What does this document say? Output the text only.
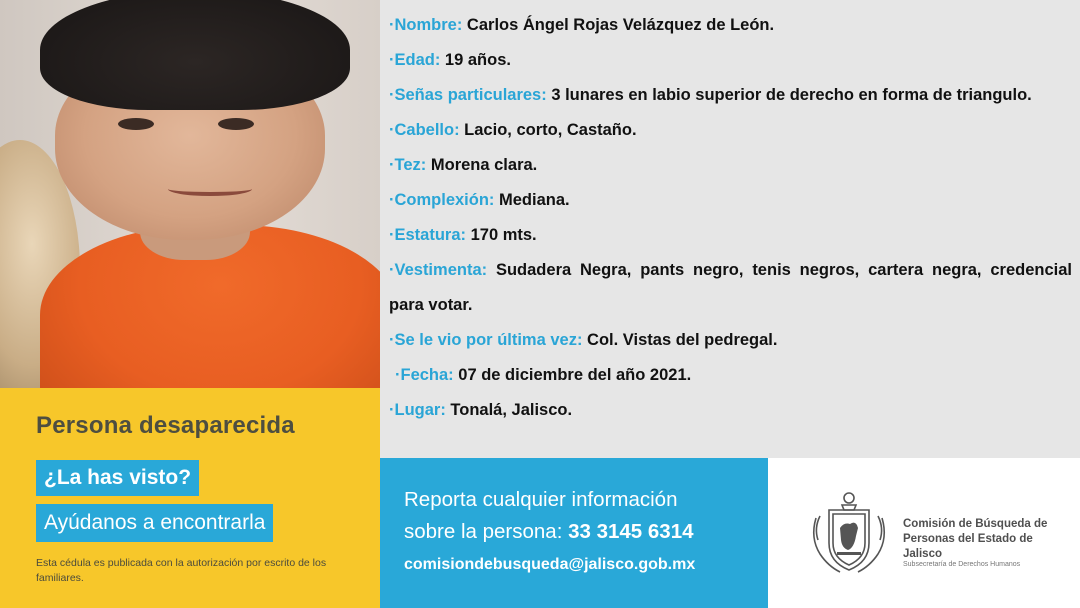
·Nombre: Carlos Ángel Rojas Velázquez de León.
·Edad: 19 años.
·Señas particulares: 3 lunares en labio superior de derecho en forma de triangulo.
·Cabello: Lacio, corto, Castaño.
·Tez: Morena clara.
·Complexión: Mediana.
·Estatura: 170 mts.
·Vestimenta: Sudadera Negra, pants negro, tenis negros, cartera negra, credencial para votar.
·Se le vio por última vez: Col. Vistas del pedregal.
·Fecha: 07 de diciembre del año 2021.
·Lugar: Tonalá, Jalisco.
Persona desaparecida
¿La has visto?
Ayúdanos a encontrarla
Esta cédula es publicada con la autorización por escrito de los familiares.
Reporta cualquier información
sobre la persona: 33 3145 6314
comisiondebusqueda@jalisco.gob.mx
Comisión de Búsqueda de Personas del Estado de Jalisco
Subsecretaría de Derechos Humanos
